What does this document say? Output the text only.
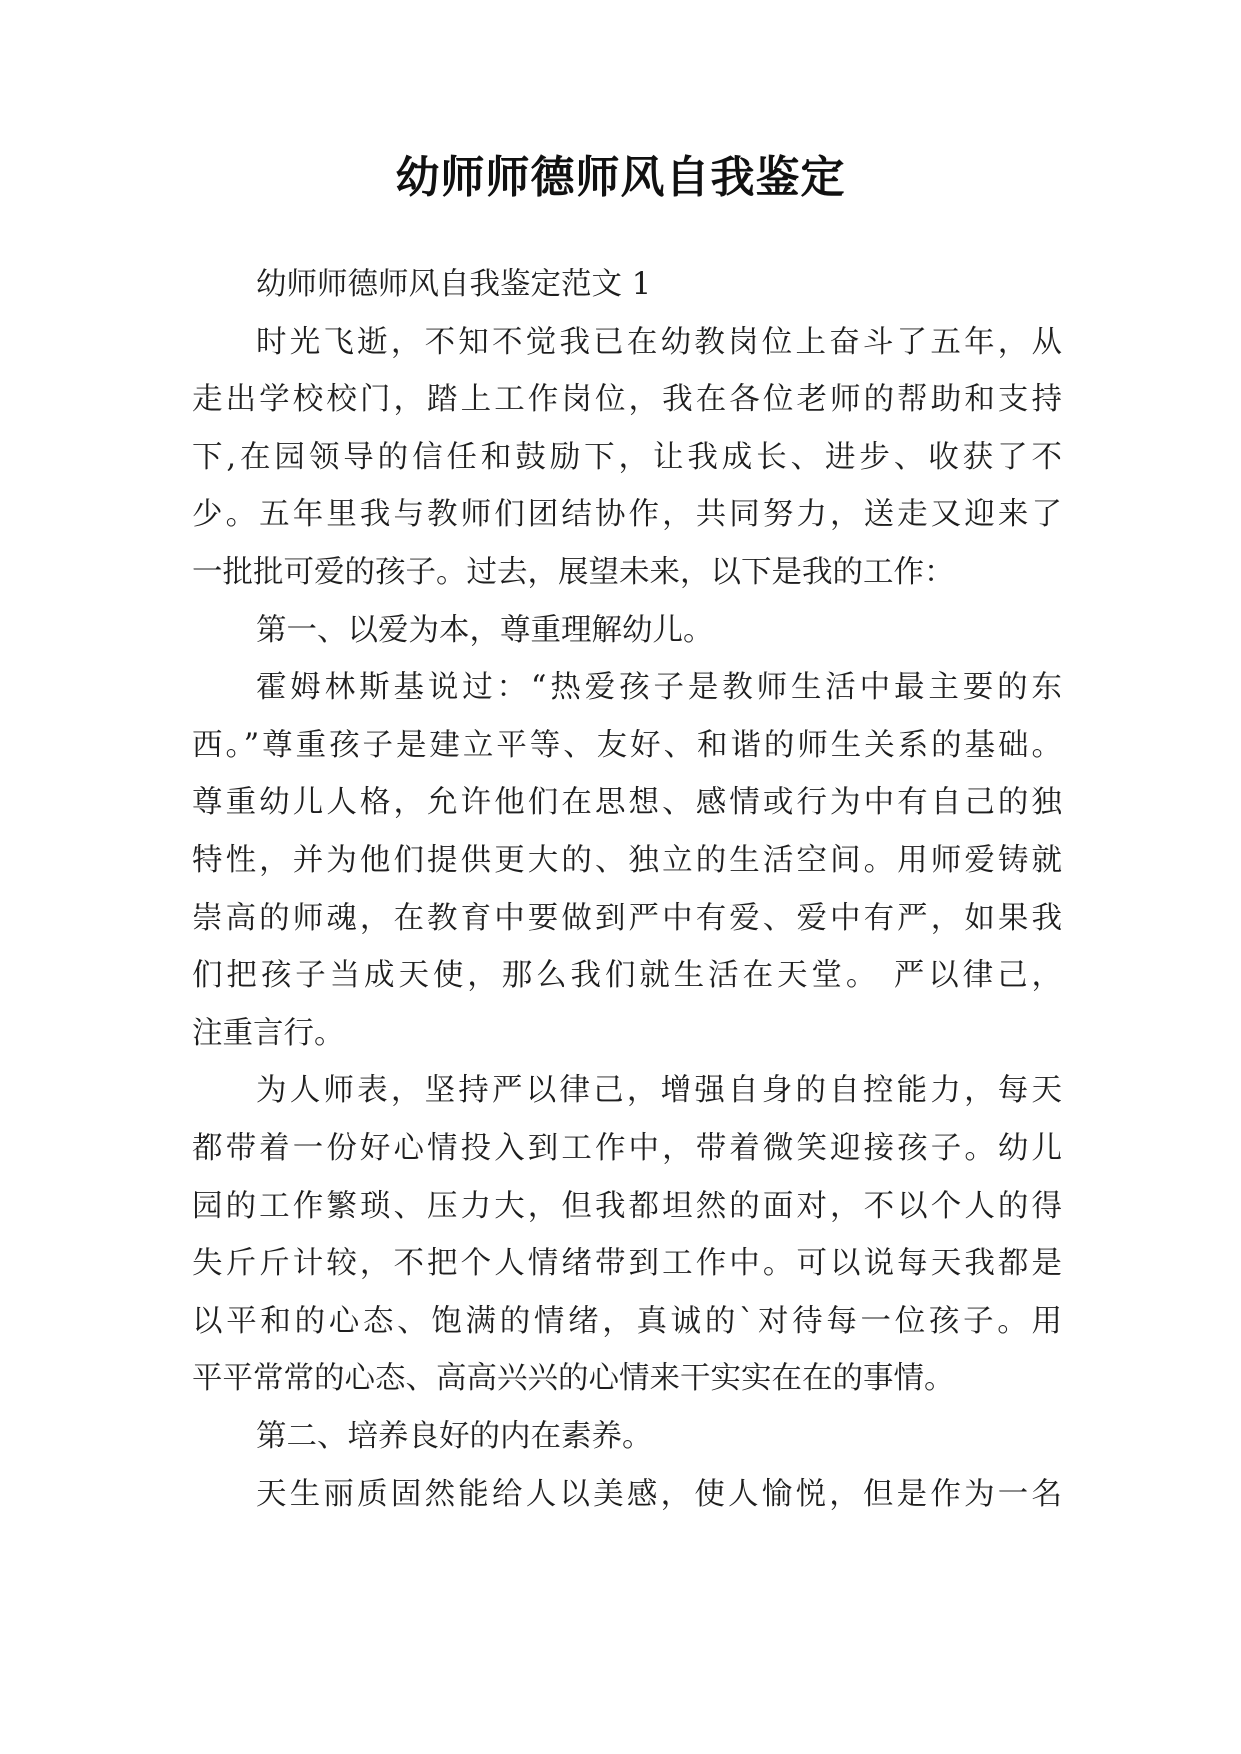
幼师师德师风自我鉴定

幼师师德师风自我鉴定范文 1

时光飞逝，不知不觉我已在幼教岗位上奋斗了五年，从

走出学校校门，踏上工作岗位，我在各位老师的帮助和支持

下,在园领导的信任和鼓励下，让我成长、进步、收获了不

少。五年里我与教师们团结协作，共同努力，送走又迎来了

一批批可爱的孩子。过去，展望未来，以下是我的工作：

第一、以爱为本，尊重理解幼儿。

霍姆林斯基说过：“热爱孩子是教师生活中最主要的东

西。”尊重孩子是建立平等、友好、和谐的师生关系的基础。

尊重幼儿人格，允许他们在思想、感情或行为中有自己的独

特性，并为他们提供更大的、独立的生活空间。用师爱铸就

崇高的师魂，在教育中要做到严中有爱、爱中有严，如果我

们把孩子当成天使，那么我们就生活在天堂。 严以律己，

注重言行。

为人师表，坚持严以律己，增强自身的自控能力，每天

都带着一份好心情投入到工作中，带着微笑迎接孩子。幼儿

园的工作繁琐、压力大，但我都坦然的面对，不以个人的得

失斤斤计较，不把个人情绪带到工作中。可以说每天我都是

以平和的心态、饱满的情绪，真诚的`对待每一位孩子。用

平平常常的心态、高高兴兴的心情来干实实在在的事情。

第二、培养良好的内在素养。

天生丽质固然能给人以美感，使人愉悦，但是作为一名
